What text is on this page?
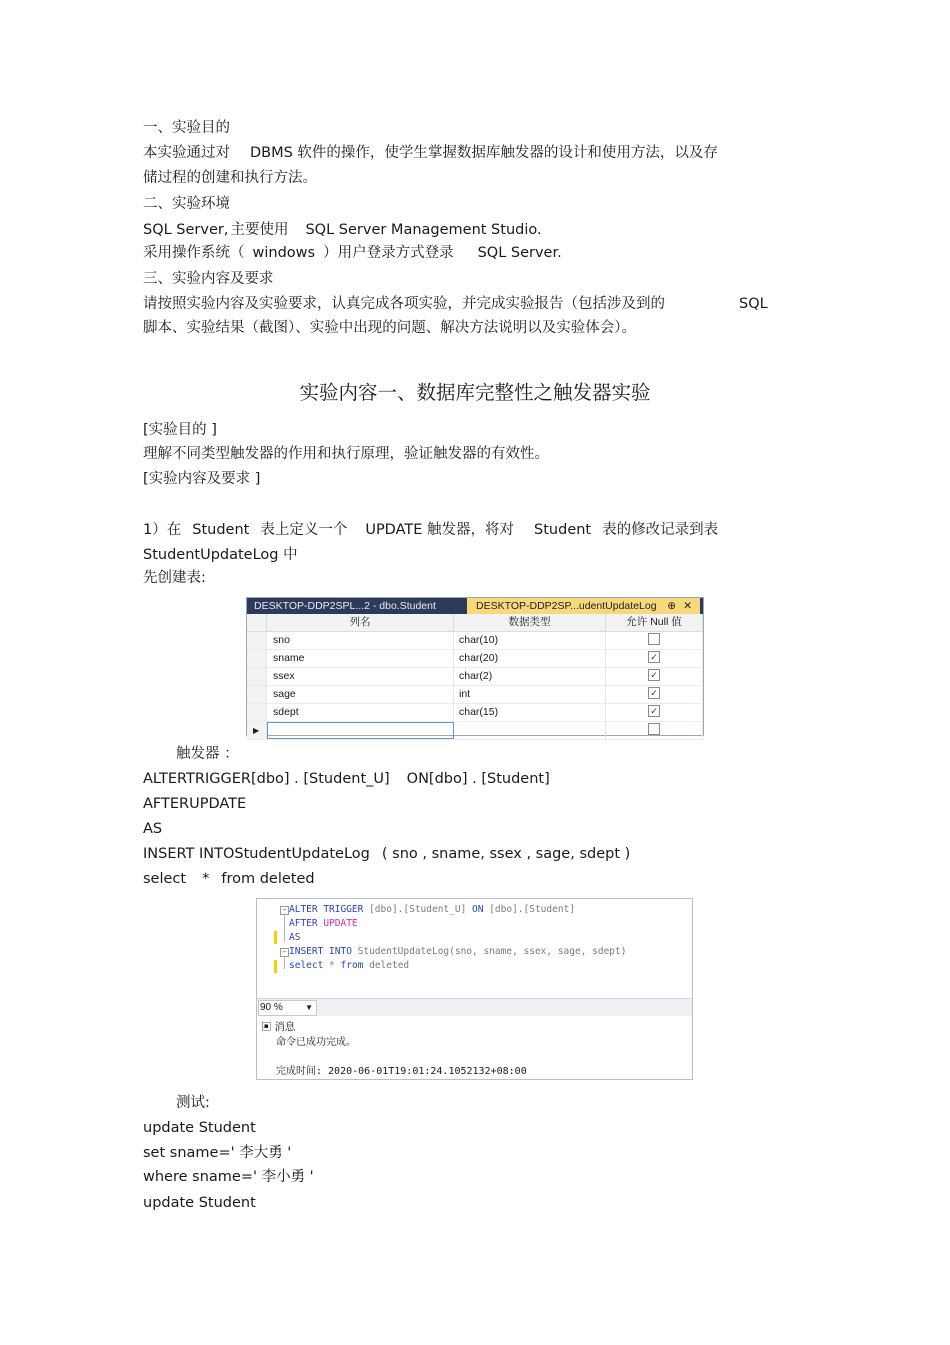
一、实验目的
本实验通过对 DBMS 软件的操作，使学生掌握数据库触发器的设计和使用方法，以及存
储过程的创建和执行方法。
二、实验环境
SQL Server, 主要使用 SQL Server Management Studio.
采用操作系统（ windows ）用户登录方式登录 SQL Server.
三、实验内容及要求
请按照实验内容及实验要求，认真完成各项实验，并完成实验报告（包括涉及到的	SQL
脚本、实验结果（截图）、实验中出现的问题、解决方法说明以及实验体会）。
实验内容一、数据库完整性之触发器实验
[实验目的 ]
理解不同类型触发器的作用和执行原理，验证触发器的有效性。
[实验内容及要求 ]
1）在 Student 表上定义一个 UPDATE 触发器，将对 Student 表的修改记录到表
StudentUpdateLog 中
先创建表:
DESKTOP-DDP2SPL...2 - dbo.Student	DESKTOP-DDP2SP...udentUpdateLog ⊕ ✕
列名	数据类型	允许 Null 值
sno	char(10)
sname	char(20)	✓
ssex	char(2)	✓
sage	int	✓
sdept	char(15)	✓
▶
触发器 ：
ALTERTRIGGER[dbo] . [Student_U] ON[dbo] . [Student]
AFTERUPDATE
AS
INSERT INTOStudentUpdateLog ( sno , sname, ssex , sage, sdept )
select * from deleted
−
−
ALTER TRIGGER [dbo].[Student_U] ON [dbo].[Student]
AFTER UPDATE
AS
INSERT INTO StudentUpdateLog(sno, sname, ssex, sage, sdept)
select * from deleted
90 %	▼
▣ 消息
命令已成功完成。
完成时间: 2020-06-01T19:01:24.1052132+08:00
测试:
update Student
set sname=' 李大勇 '
where sname=' 李小勇 '
update Student
